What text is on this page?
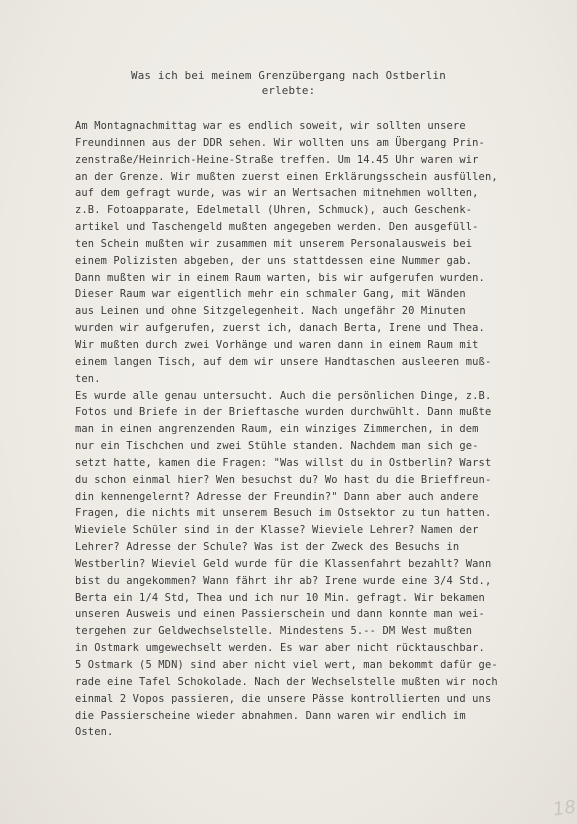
Was ich bei meinem Grenzübergang nach Ostberlin
erlebte:
Am Montagnachmittag war es endlich soweit, wir sollten unsere
Freundinnen aus der DDR sehen. Wir wollten uns am Übergang Prin-
zenstraße/Heinrich-Heine-Straße treffen. Um 14.45 Uhr waren wir
an der Grenze. Wir mußten zuerst einen Erklärungsschein ausfüllen,
auf dem gefragt wurde, was wir an Wertsachen mitnehmen wollten,
z.B. Fotoapparate, Edelmetall (Uhren, Schmuck), auch Geschenk-
artikel und Taschengeld mußten angegeben werden. Den ausgefüll-
ten Schein mußten wir zusammen mit unserem Personalausweis bei
einem Polizisten abgeben, der uns stattdessen eine Nummer gab.
Dann mußten wir in einem Raum warten, bis wir aufgerufen wurden.
Dieser Raum war eigentlich mehr ein schmaler Gang, mit Wänden
aus Leinen und ohne Sitzgelegenheit. Nach ungefähr 20 Minuten
wurden wir aufgerufen, zuerst ich, danach Berta, Irene und Thea.
Wir mußten durch zwei Vorhänge und waren dann in einem Raum mit
einem langen Tisch, auf dem wir unsere Handtaschen ausleeren muß-
ten.
Es wurde alle genau untersucht. Auch die persönlichen Dinge, z.B.
Fotos und Briefe in der Brieftasche wurden durchwühlt. Dann mußte
man in einen angrenzenden Raum, ein winziges Zimmerchen, in dem
nur ein Tischchen und zwei Stühle standen. Nachdem man sich ge-
setzt hatte, kamen die Fragen: "Was willst du in Ostberlin? Warst
du schon einmal hier? Wen besuchst du? Wo hast du die Brieffreun-
din kennengelernt? Adresse der Freundin?" Dann aber auch andere
Fragen, die nichts mit unserem Besuch im Ostsektor zu tun hatten.
Wieviele Schüler sind in der Klasse? Wieviele Lehrer? Namen der
Lehrer? Adresse der Schule? Was ist der Zweck des Besuchs in
Westberlin? Wieviel Geld wurde für die Klassenfahrt bezahlt? Wann
bist du angekommen? Wann fährt ihr ab? Irene wurde eine 3/4 Std.,
Berta ein 1/4 Std, Thea und ich nur 10 Min. gefragt. Wir bekamen
unseren Ausweis und einen Passierschein und dann konnte man wei-
tergehen zur Geldwechselstelle. Mindestens 5.-- DM West mußten
in Ostmark umgewechselt werden. Es war aber nicht rücktauschbar.
5 Ostmark (5 MDN) sind aber nicht viel wert, man bekommt dafür ge-
rade eine Tafel Schokolade. Nach der Wechselstelle mußten wir noch
einmal 2 Vopos passieren, die unsere Pässe kontrollierten und uns
die Passierscheine wieder abnahmen. Dann waren wir endlich im
Osten.
18
